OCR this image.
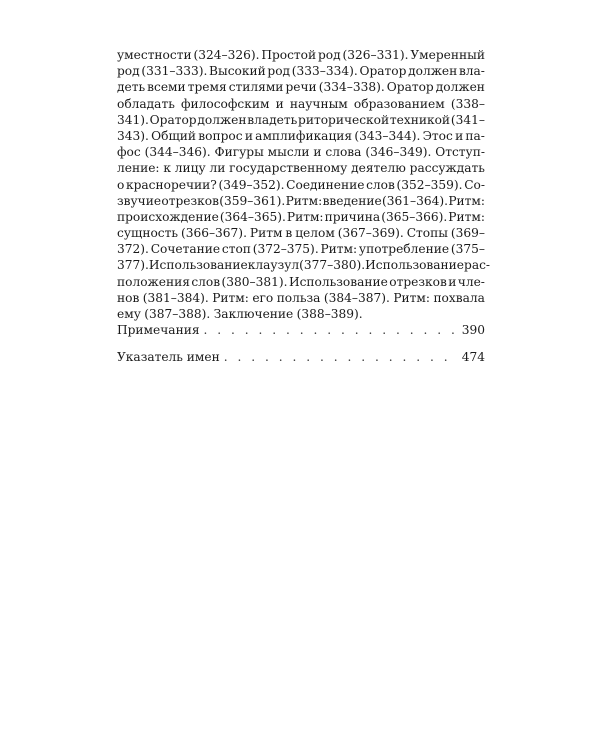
уместности (324–326). Простой род (326–331). Умеренный
род (331–333). Высокий род (333–334). Оратор должен вла-
деть всеми тремя стилями речи (334–338). Оратор должен
обладать философским и научным образованием (338–
341). Оратор должен владеть риторической техникой (341–
343). Общий вопрос и амплификация (343–344). Этос и па-
фос (344–346). Фигуры мысли и слова (346–349). Отступ-
ление: к лицу ли государственному деятелю рассуждать
о красноречии? (349–352). Соединение слов (352–359). Со-
звучие отрезков (359–361). Ритм: введение (361–364). Ритм:
происхождение (364–365). Ритм: причина (365–366). Ритм:
сущность (366–367). Ритм в целом (367–369). Стопы (369–
372). Сочетание стоп (372–375). Ритм: употребление (375–
377). Использование клаузул (377–380). Использование рас-
положения слов (380–381). Использование отрезков и чле-
нов (381–384). Ритм: его польза (384–387). Ритм: похвала
ему (387–388). Заключение (388–389).
Примечания . . .	390
Указатель имен . . .	474
